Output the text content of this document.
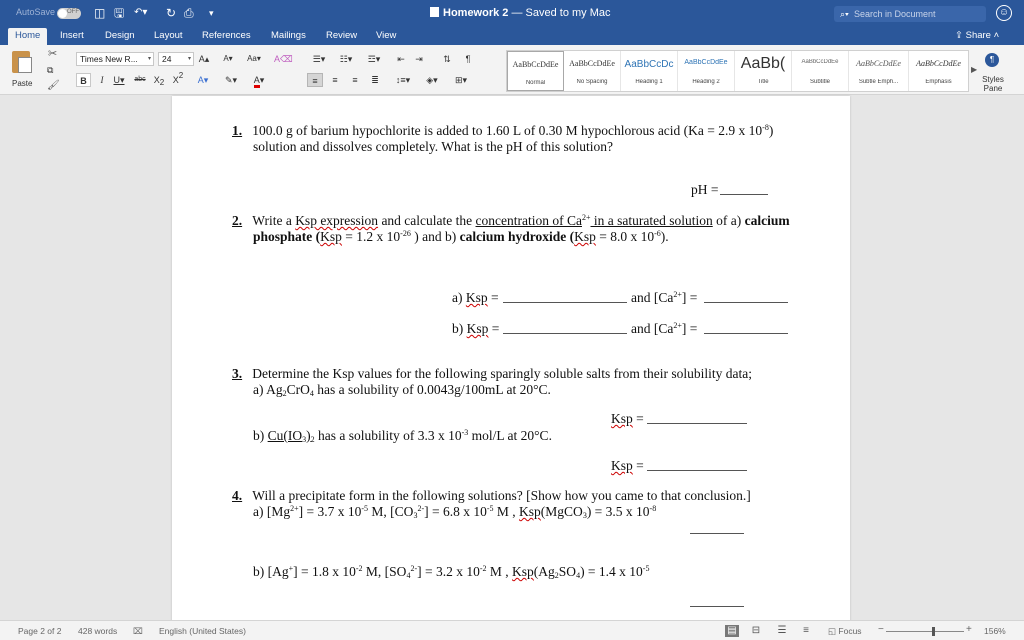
AutoSave OFF ◫ 🖫 ↶▾ ↻ ⎙ ▾	Homework 2 — Saved to my Mac	Search in Document
⌕▾	☺
Home	Insert Design Layout References Mailings Review View	⇪ Share ˄
Paste
✂
⧉
🖌
Times New R... ▾	24	▾ A▴ A▾ Aa▾ A⌫
B	I	U▾	abc $X_2$ $X^2$	A▾	✎▾	A▾
☰▾	☷▾	☲▾	⇤	⇥	⇅	¶
≡	≡	≡	≣	↕≡▾	◈▾	⊞▾
AaBbCcDdEe
Normal
AaBbCcDdEe
No Spacing
AaBbCcDc
Heading 1
AaBbCcDdEe
Heading 2
AaBb(
Title
AaBbCcDdEe
Subtitle
AaBbCcDdEe
Subtle Emph...
AaBbCcDdEe
Emphasis
▶
¶
Styles Pane
1. 100.0 g of barium hypochlorite is added to 1.60 L of 0.30 M hypochlorous acid (Ka = 2.9 x $10^{-8}$)
solution and dissolves completely. What is the pH of this solution?
pH =
2. Write a Ksp expression and calculate the concentration of $Ca^{2+}$ in a saturated solution of a) calcium
phosphate (Ksp = 1.2 x $10^{-26}$ ) and b) calcium hydroxide (Ksp = 8.0 x $10^{-6}$).
a) Ksp =	and $[Ca^{2+}]$ =
b) Ksp =	and $[Ca^{2+}]$ =
3. Determine the Ksp values for the following sparingly soluble salts from their solubility data;
a) $Ag_2CrO_4$ has a solubility of 0.0043g/100mL at 20°C.
Ksp =
b) $Cu(IO_3)_2$ has a solubility of 3.3 x $10^{-3}$ mol/L at 20°C.
Ksp =
4. Will a precipitate form in the following solutions? [Show how you came to that conclusion.]
a) $[Mg^{2+}] = 3.7$ x $10^{-5}$ M, $[CO_3^{2-}] = 6.8$ x $10^{-5}$ M , Ksp(MgCO$_3$) = 3.5 x $10^{-8}$
b) [Ag+] = 1.8 x $10^{-2}$ M, $[SO_4^{2-}] = 3.2$ x $10^{-2}$ M , $Ksp(Ag_2SO_4) = 1.4$ x $10^{-5}$
Page 2 of 2 428 words ⌧ English (United States)	▤ ⊟ ☰	≡	◱ Focus −	+ 156%
